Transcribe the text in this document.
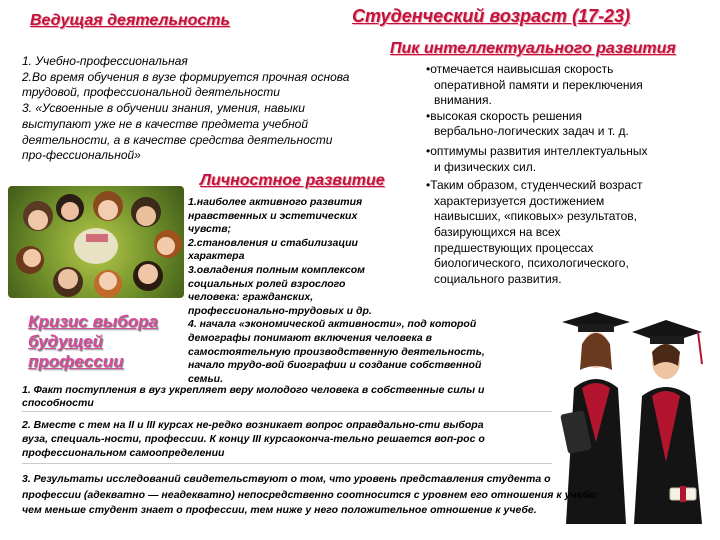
Ведущая деятельность	Студенческий возраст (17-23)
Пик интеллектуального развития
1. Учебно-профессиональная
2.Во время обучения в вузе формируется прочная основа
трудовой, профессиональной деятельности
3. «Усвоенные в обучении знания, умения, навыки
выступают уже не в качестве предмета учебной
деятельности, а в качестве средства деятельности
про-фессиональной»
•отмечается наивысшая скорость
оперативной памяти и переключения
внимания.
•высокая скорость решения
вербально-логических задач и т. д.
•оптимумы развития интеллектуальных
и физических сил.
•Таким образом, студенческий возраст
характеризуется достижением
наивысших, «пиковых» результатов,
базирующихся на всех
предшествующих процессах
биологического, психологического,
социального развития.
Личностное развитие
1.наиболее активного развития
нравственных и эстетических
чувств;
2.становления и стабилизации
характера
3.овладения полным комплексом
социальных ролей взрослого
человека: гражданских,
профессионально-трудовых и др.
4. начала «экономической активности», под которой
демографы понимают включения человека в
самостоятельную производственную деятельность,
начало трудо-вой биографии и создание собственной
семьи.
Кризис выбора
будущей
профессии
1. Факт поступления в вуз укрепляет веру молодого человека в собственные силы и
способности
2. Вместе с тем на II и III курсах не-редко возникает вопрос оправдально-сти выбора
вуза, специаль-ности, профессии. К концу III курсаоконча-тельно решается воп-рос о
профессиональном самоопределении
3. Результаты исследований свидетельствуют о том, что уровень представления студента о
профессии (адекватно — неадекватно) непосредственно соотносится с уровнем его отношения к учебе:
чем меньше студент знает о профессии, тем ниже у него положительное отношение к учебе.
